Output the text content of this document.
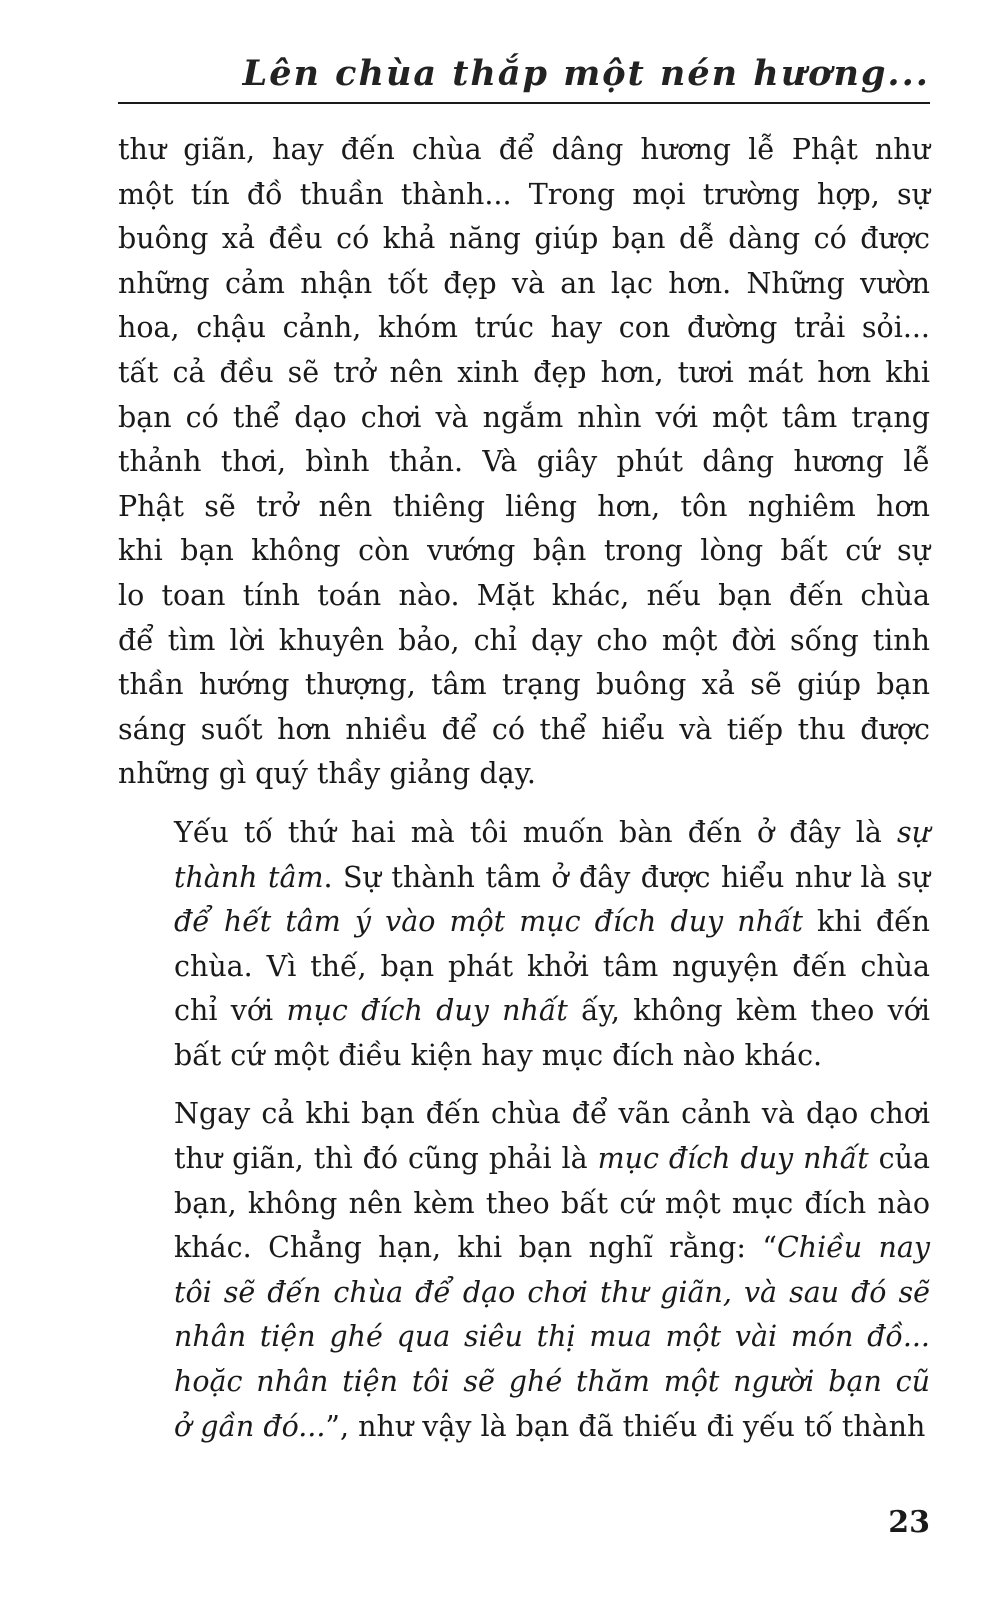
Lên chùa thắp một nén hương...

thư giãn, hay đến chùa để dâng hương lễ Phật như
một tín đồ thuần thành... Trong mọi trường hợp, sự
buông xả đều có khả năng giúp bạn dễ dàng có được
những cảm nhận tốt đẹp và an lạc hơn. Những vườn
hoa, chậu cảnh, khóm trúc hay con đường trải sỏi...
tất cả đều sẽ trở nên xinh đẹp hơn, tươi mát hơn khi
bạn có thể dạo chơi và ngắm nhìn với một tâm trạng
thảnh thơi, bình thản. Và giây phút dâng hương lễ
Phật sẽ trở nên thiêng liêng hơn, tôn nghiêm hơn
khi bạn không còn vướng bận trong lòng bất cứ sự
lo toan tính toán nào. Mặt khác, nếu bạn đến chùa
để tìm lời khuyên bảo, chỉ dạy cho một đời sống tinh
thần hướng thượng, tâm trạng buông xả sẽ giúp bạn
sáng suốt hơn nhiều để có thể hiểu và tiếp thu được
những gì quý thầy giảng dạy.

Yếu tố thứ hai mà tôi muốn bàn đến ở đây là sự
thành tâm. Sự thành tâm ở đây được hiểu như là sự
để hết tâm ý vào một mục đích duy nhất khi đến
chùa. Vì thế, bạn phát khởi tâm nguyện đến chùa
chỉ với mục đích duy nhất ấy, không kèm theo với
bất cứ một điều kiện hay mục đích nào khác.

Ngay cả khi bạn đến chùa để vãn cảnh và dạo chơi
thư giãn, thì đó cũng phải là mục đích duy nhất của
bạn, không nên kèm theo bất cứ một mục đích nào
khác. Chẳng hạn, khi bạn nghĩ rằng: “Chiều nay
tôi sẽ đến chùa để dạo chơi thư giãn, và sau đó sẽ
nhân tiện ghé qua siêu thị mua một vài món đồ...
hoặc nhân tiện tôi sẽ ghé thăm một người bạn cũ
ở gần đó...”, như vậy là bạn đã thiếu đi yếu tố thành

23
